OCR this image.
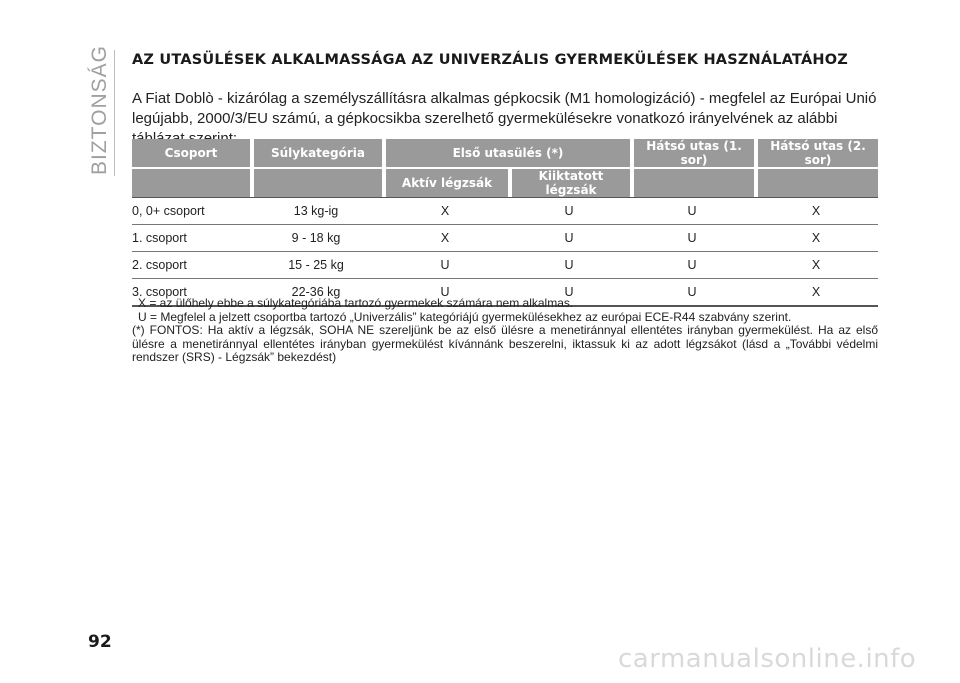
BIZTONSÁG AZ UTASÜLÉSEK ALKALMASSÁGA AZ UNIVERZÁLIS GYERMEKÜLÉSEK HASZNÁLATÁHOZ
A Fiat Doblò - kizárólag a személyszállításra alkalmas gépkocsik (M1 homologizáció) - megfelel az Európai Unió legújabb, 2000/3/EU számú, a gépkocsikba szerelhető gyermekülésekre vonatkozó irányelvének az alábbi
Csoport	Súlykategória	Első utasülés (*)		Hátsó utas (1. sor)	Hátsó utas (2. sor)
		Aktív légzsák	Kiiktatott légzsák		
0, 0+ csoport	13 kg-ig	X	U	U	X
1. csoport	9 - 18 kg	X	U	U	X
2. csoport	15 - 25 kg	U	U	U	X
3. csoport	22-36 kg	U	U	U	X

X = az ülőhely ebbe a súlykategóriába tartozó gyermekek számára nem alkalmas.

U = Megfelel a jelzett csoportba tartozó „Univerzális” kategóriájú gyermekülésekhez az európai ECE-R44 szabvány szerint.

(*) FONTOS: Ha aktív a légzsák, SOHA NE szereljünk be az első ülésre a menetiránnyal ellentétes irányban gyermekülést. Ha az első ülésre a menetiránnyal ellentétes irányban gyermekülést kívánnánk beszerelni, iktassuk ki az adott légzsákot (lásd a „További védelmi rendszer (SRS) - Légzsák” bekezdést)

92
carmanualsonline.info
